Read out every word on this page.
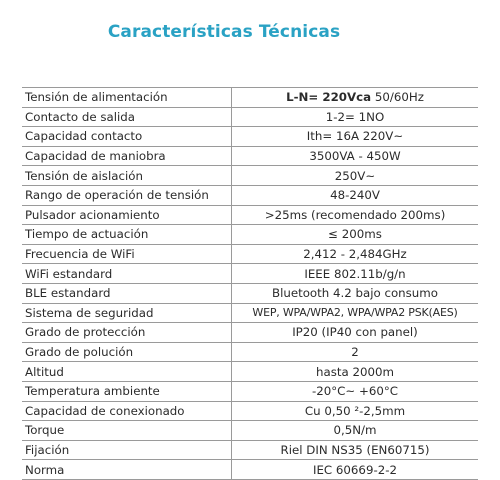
Características Técnicas
Tensión de alimentación	L-N= 220Vca 50/60Hz
Contacto de salida	1-2= 1NO
Capacidad contacto	Ith= 16A 220V~
Capacidad de maniobra	3500VA - 450W
Tensión de aislación	250V~
Rango de operación de tensión	48-240V
Pulsador acionamiento	>25ms (recomendado 200ms)
Tiempo de actuación	≤ 200ms
Frecuencia de WiFi	2,412 - 2,484GHz
WiFi estandard	IEEE 802.11b/g/n
BLE estandard	Bluetooth 4.2 bajo consumo
Sistema de seguridad	WEP, WPA/WPA2, WPA/WPA2 PSK(AES)
Grado de protección	IP20 (IP40 con panel)
Grado de polución	2
Altitud	hasta 2000m
Temperatura ambiente	-20°C~ +60°C
Capacidad de conexionado	Cu 0,50 ²-2,5mm
Torque	0,5N/m
Fijación	Riel DIN NS35 (EN60715)
Norma	IEC 60669-2-2
